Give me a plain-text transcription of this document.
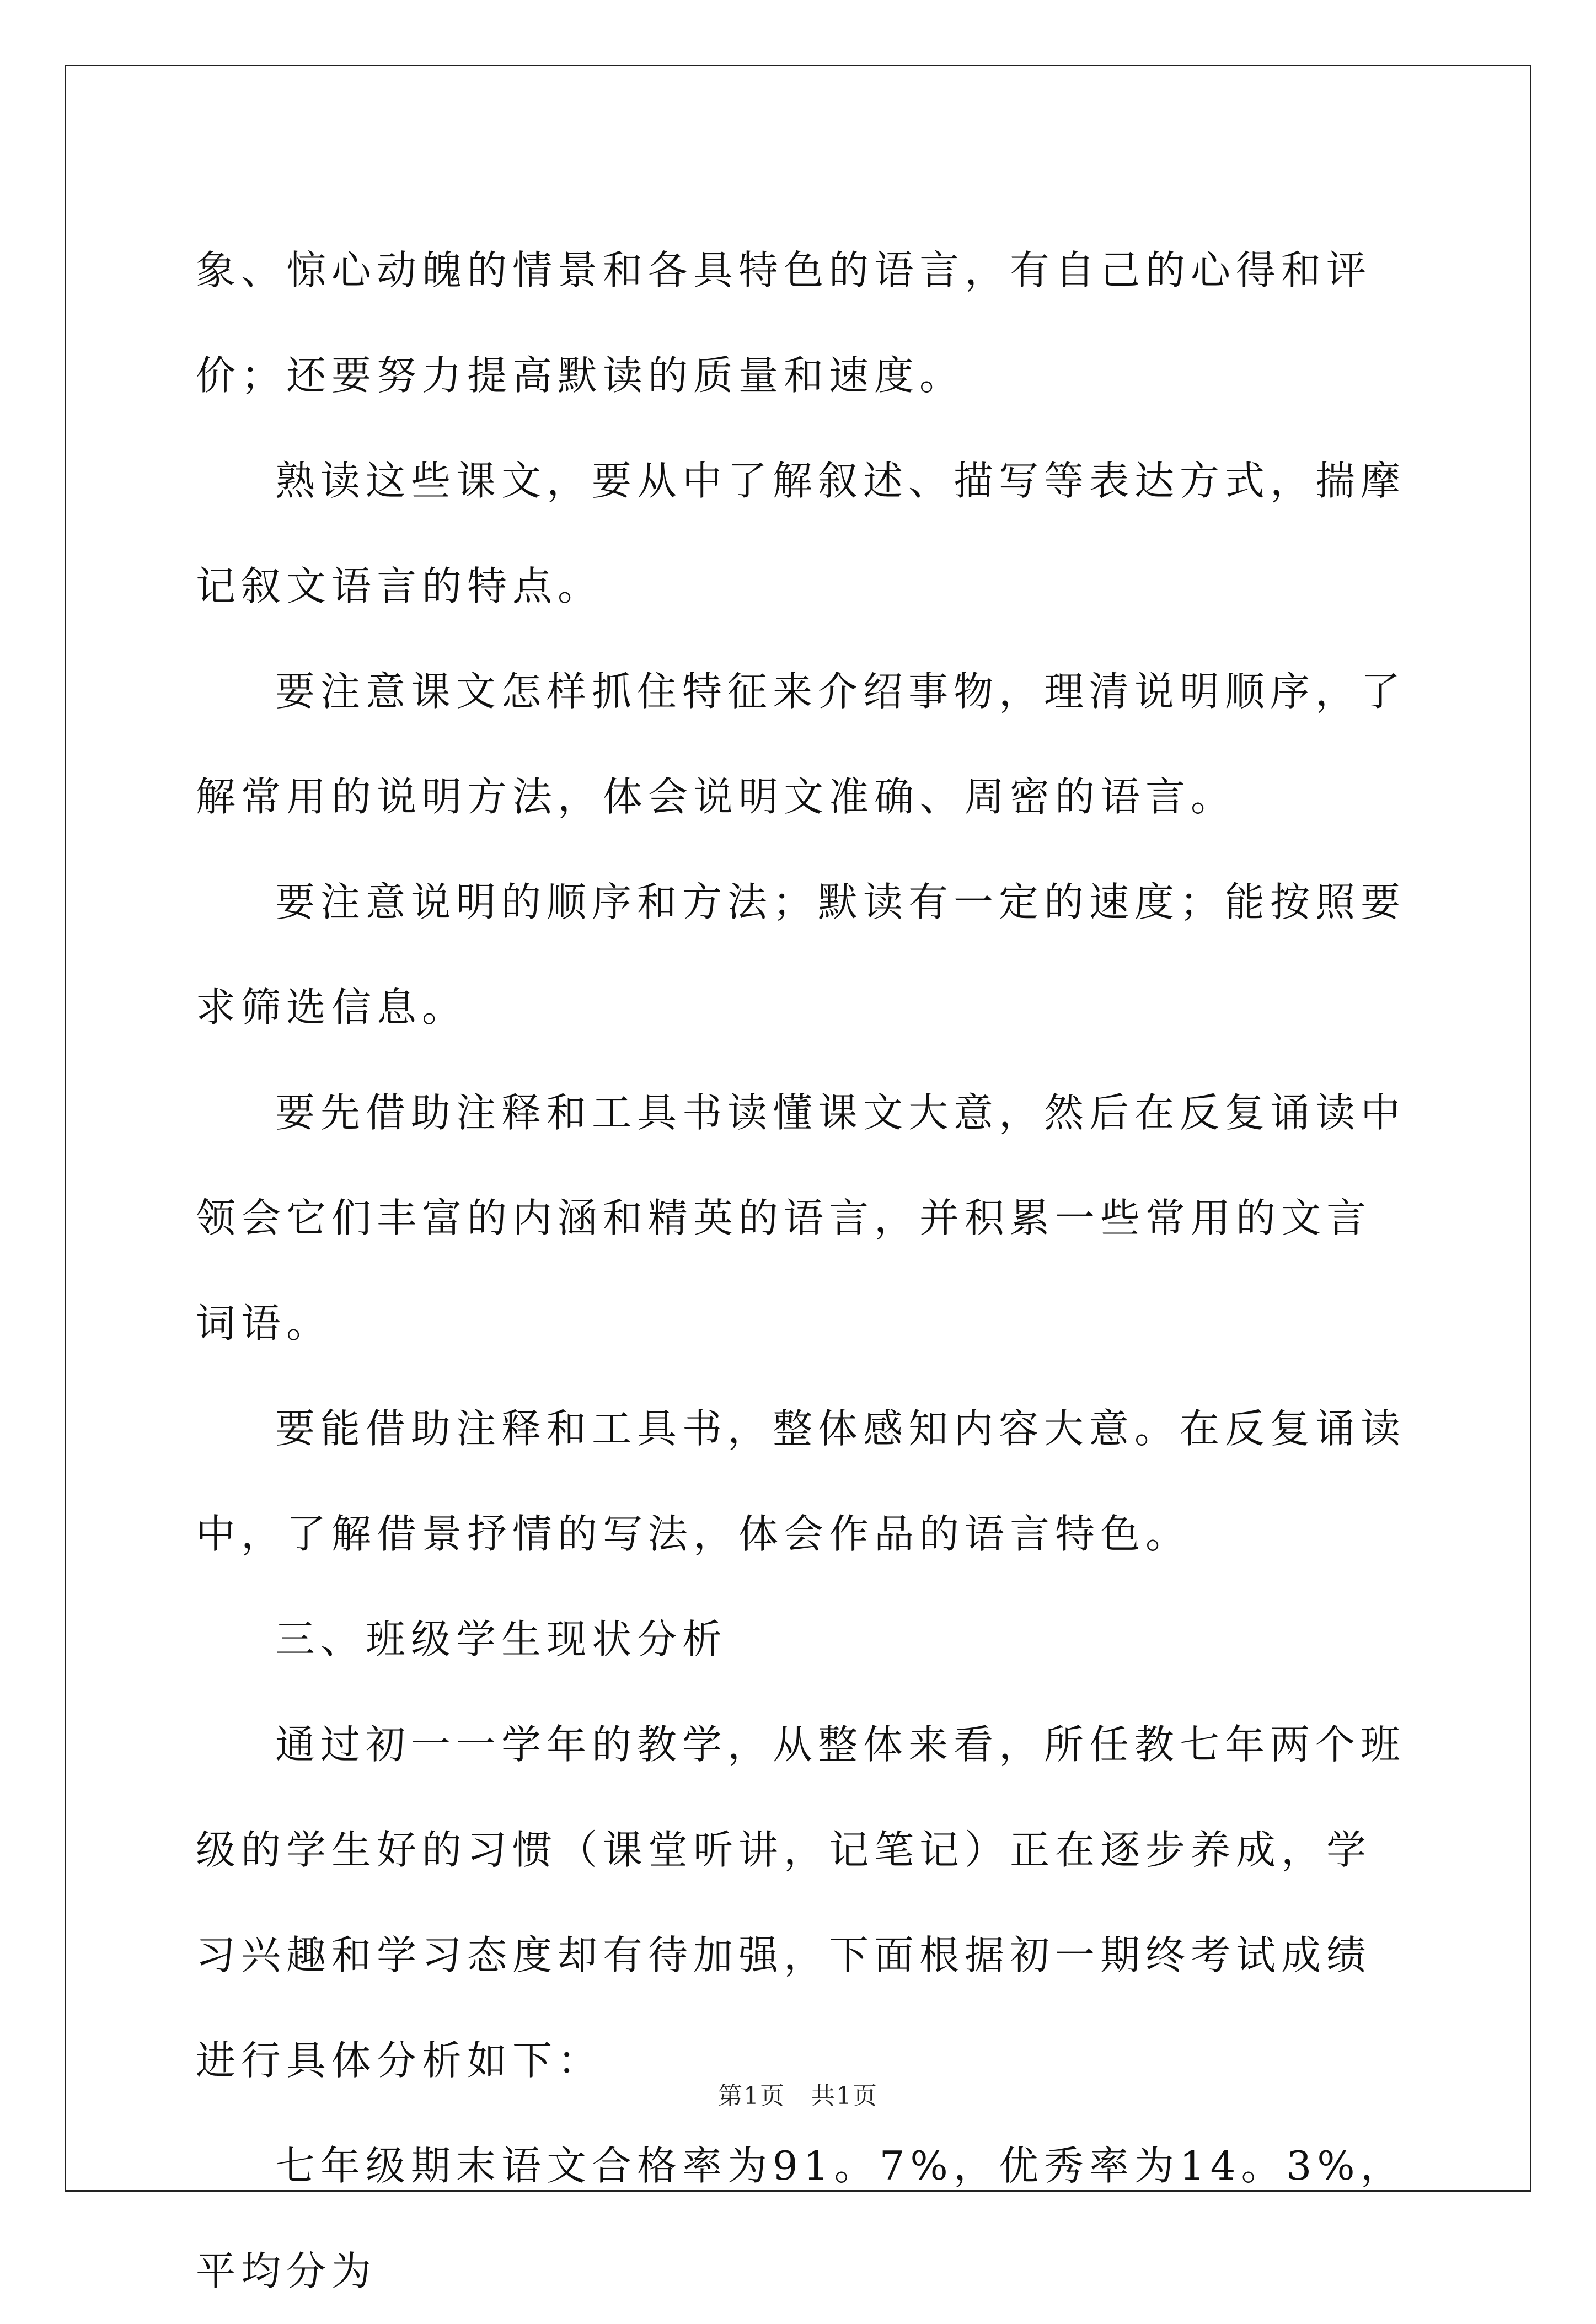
象、惊心动魄的情景和各具特色的语言，有自己的心得和评价；还要努力提高默读的质量和速度。

熟读这些课文，要从中了解叙述、描写等表达方式，揣摩记叙文语言的特点。

要注意课文怎样抓住特征来介绍事物，理清说明顺序，了解常用的说明方法，体会说明文准确、周密的语言。

要注意说明的顺序和方法；默读有一定的速度；能按照要求筛选信息。

要先借助注释和工具书读懂课文大意，然后在反复诵读中领会它们丰富的内涵和精英的语言，并积累一些常用的文言词语。

要能借助注释和工具书，整体感知内容大意。在反复诵读中，了解借景抒情的写法，体会作品的语言特色。

三、班级学生现状分析

通过初一一学年的教学，从整体来看，所任教七年两个班级的学生好的习惯（课堂听讲，记笔记）正在逐步养成，学习兴趣和学习态度却有待加强，下面根据初一期终考试成绩进行具体分析如下：

七年级期末语文合格率为91。7%，优秀率为14。3%，平均分为

第1页　共1页
